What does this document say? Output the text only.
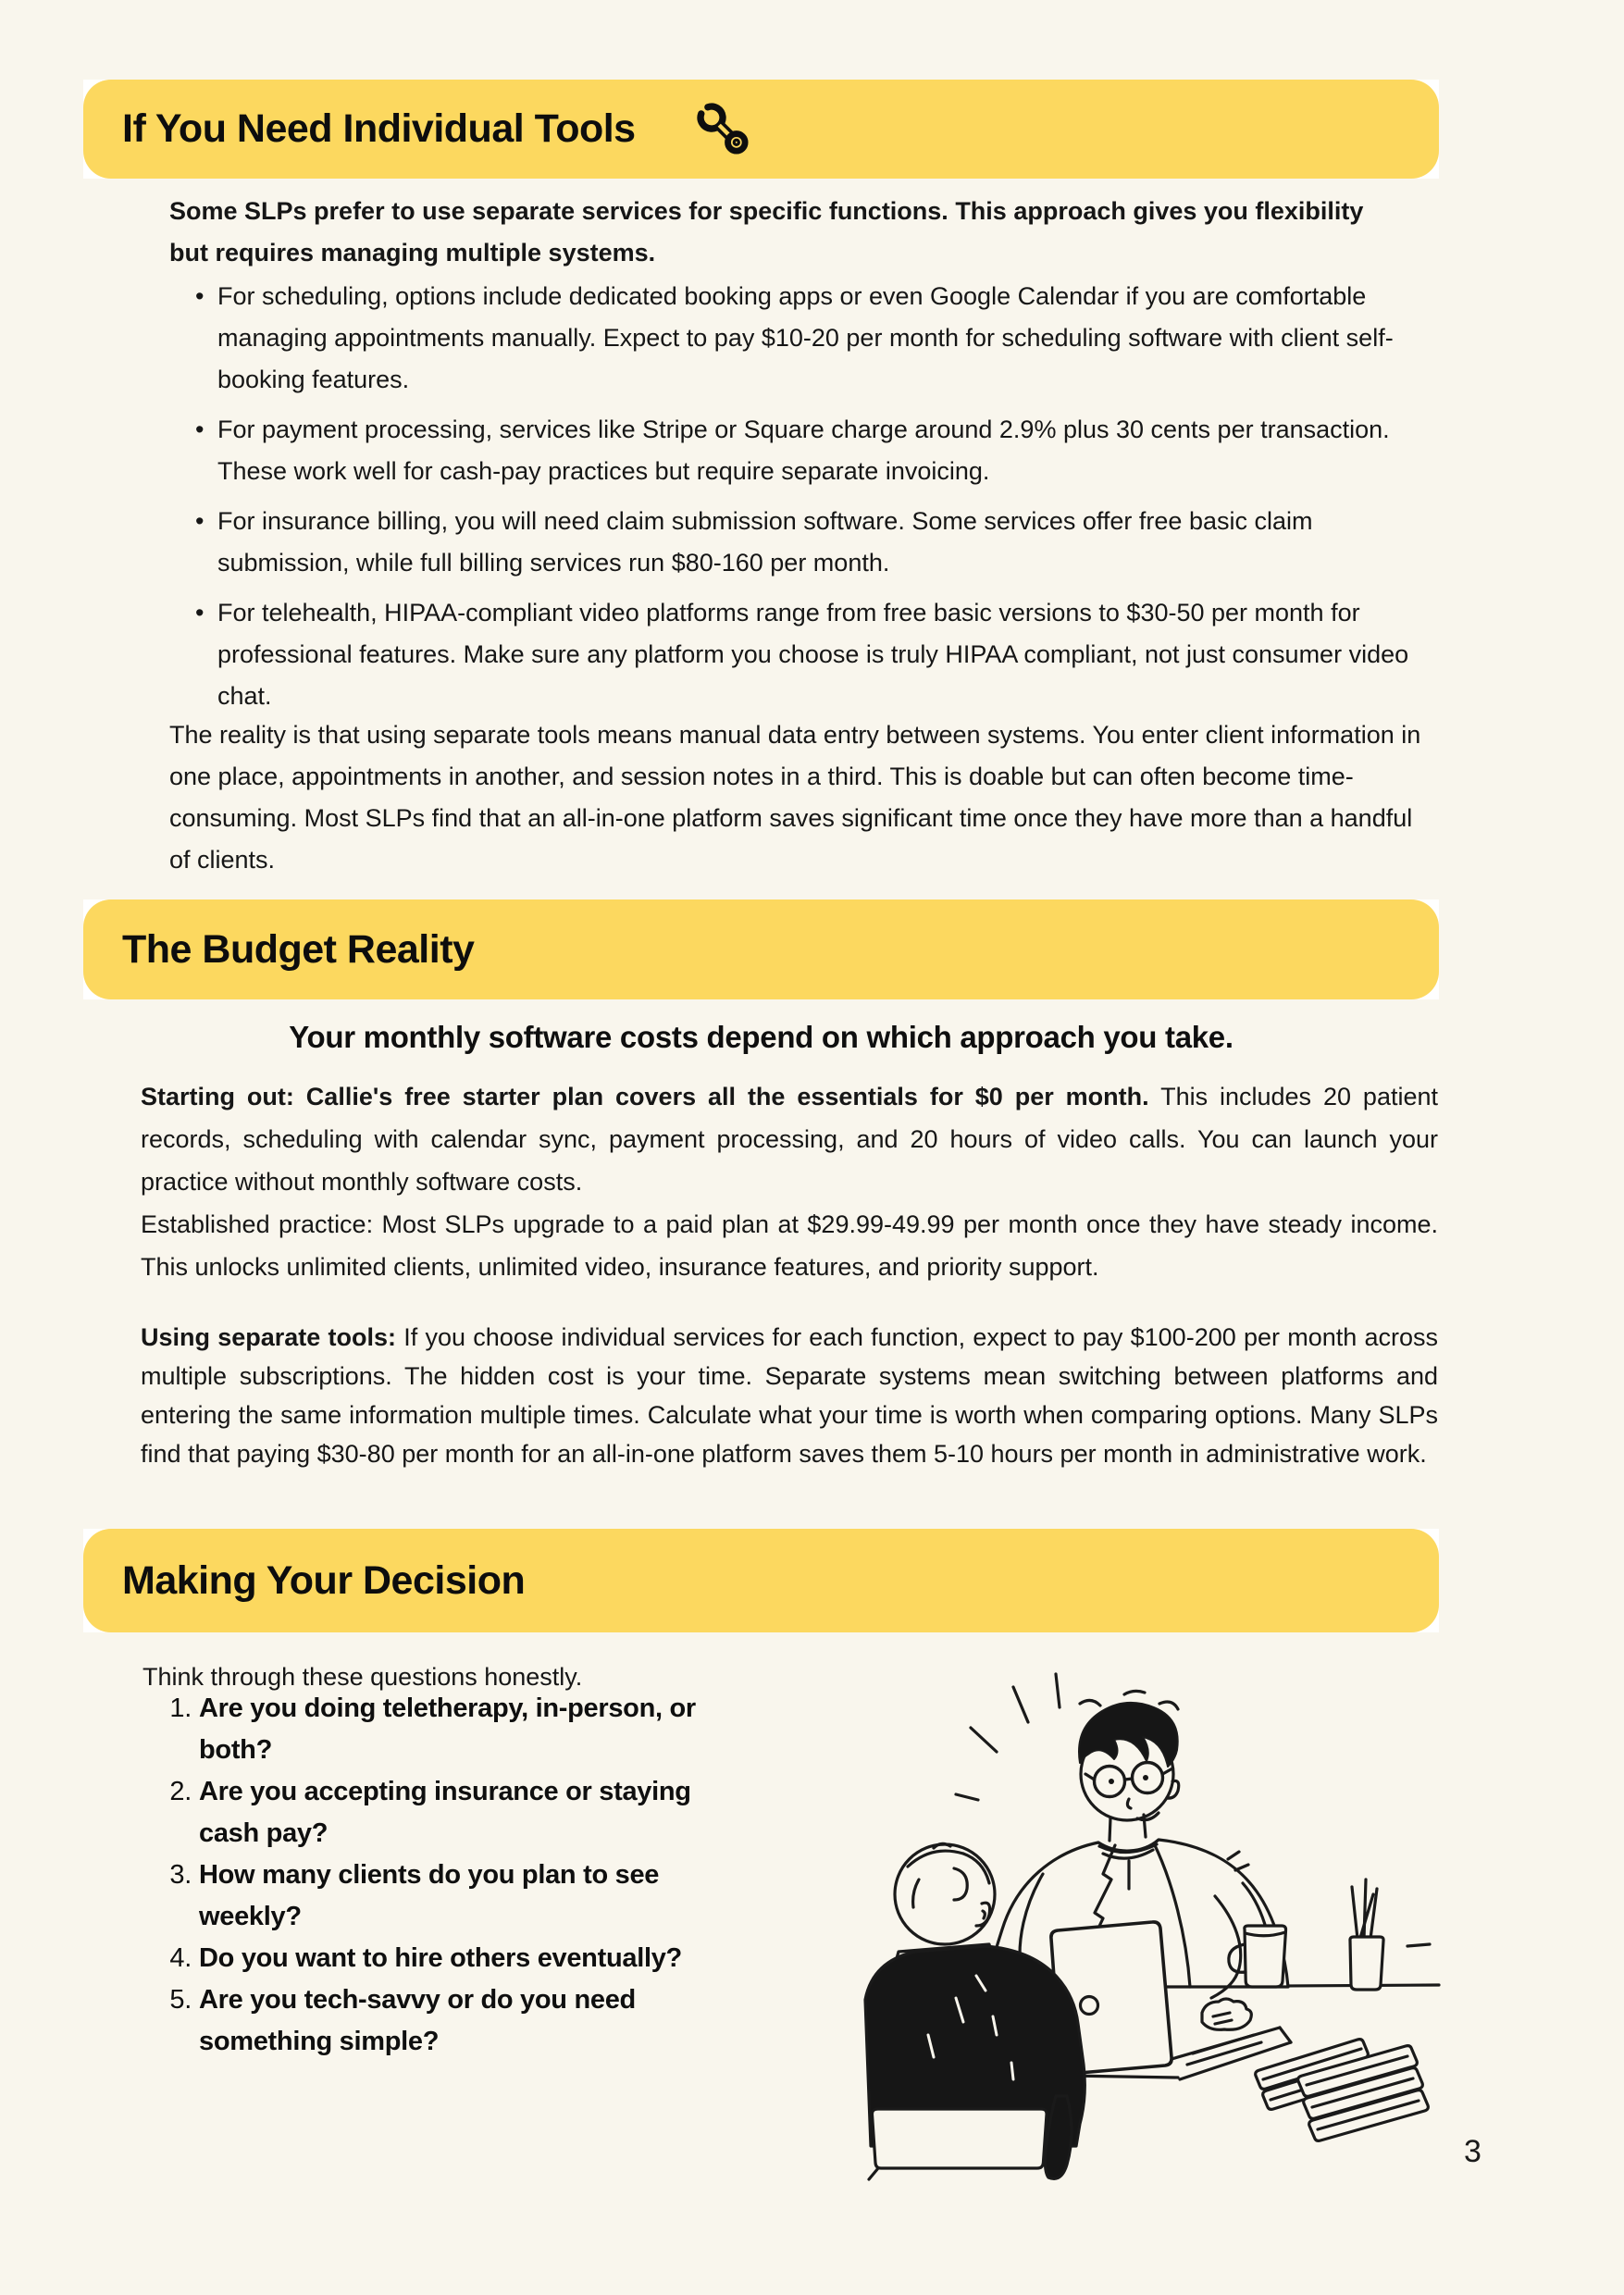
If You Need Individual Tools
Some SLPs prefer to use separate services for specific functions. This approach gives you flexibility but requires managing multiple systems.
• For scheduling, options include dedicated booking apps or even Google Calendar if you are comfortable managing appointments manually. Expect to pay $10-20 per month for scheduling software with client self-booking features.
• For payment processing, services like Stripe or Square charge around 2.9% plus 30 cents per transaction. These work well for cash-pay practices but require separate invoicing.
• For insurance billing, you will need claim submission software. Some services offer free basic claim submission, while full billing services run $80-160 per month.
• For telehealth, HIPAA-compliant video platforms range from free basic versions to $30-50 per month for professional features. Make sure any platform you choose is truly HIPAA compliant, not just consumer video chat.
The reality is that using separate tools means manual data entry between systems. You enter client information in one place, appointments in another, and session notes in a third. This is doable but can often become time-consuming. Most SLPs find that an all-in-one platform saves significant time once they have more than a handful of clients.
The Budget Reality
Your monthly software costs depend on which approach you take.

Starting out: Callie's free starter plan covers all the essentials for $0 per month. This includes 20 patient records, scheduling with calendar sync, payment processing, and 20 hours of video calls. You can launch your practice without monthly software costs.

Established practice: Most SLPs upgrade to a paid plan at $29.99-49.99 per month once they have steady income. This unlocks unlimited clients, unlimited video, insurance features, and priority support.

Using separate tools: If you choose individual services for each function, expect to pay $100-200 per month across multiple subscriptions. The hidden cost is your time. Separate systems mean switching between platforms and entering the same information multiple times. Calculate what your time is worth when comparing options. Many SLPs find that paying $30-80 per month for an all-in-one platform saves them 5-10 hours per month in administrative work.

Making Your Decision
Think through these questions honestly.
Are you doing teletherapy, in-person, or both?
Are you accepting insurance or staying cash pay?
How many clients do you plan to see weekly?
Do you want to hire others eventually?
Are you tech-savvy or do you need something simple?
3
